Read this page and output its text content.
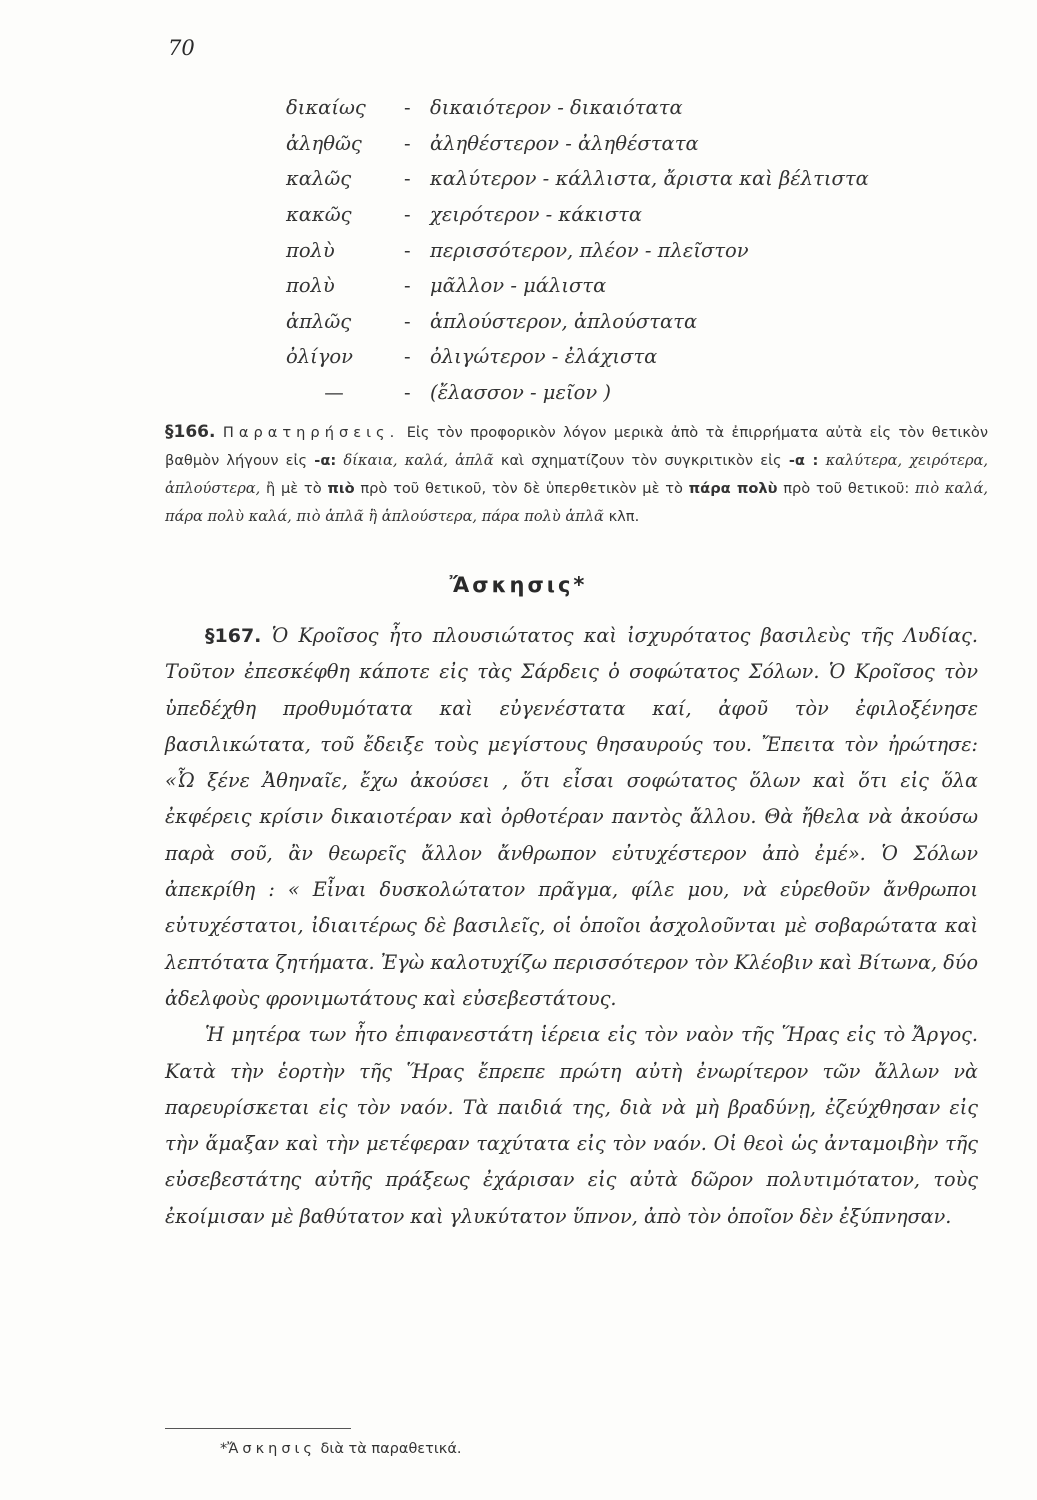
70
δικαίως	-	δικαιότερον - δικαιότατα
ἀληθῶς	-	ἀληθέστερον - ἀληθέστατα
καλῶς	-	καλύτερον - κάλλιστα, ἄριστα καὶ βέλτιστα
κακῶς	-	χειρότερον - κάκιστα
πολὺ	-	περισσότερον, πλέον - πλεῖστον
πολὺ	-	μᾶλλον - μάλιστα
ἁπλῶς	-	ἁπλούστερον, ἁπλούστατα
ὀλίγον	-	ὀλιγώτερον - ἐλάχιστα
—	-	(ἔλασσον - μεῖον )
§166. Παρατηρήσεις. Εἰς τὸν προφορικὸν λόγον μερικὰ ἀπὸ τὰ ἐπιρρήματα αὐτὰ εἰς τὸν θετικὸν βαθμὸν λήγουν εἰς -α: δίκαια, καλά, ἁπλᾶ καὶ σχηματίζουν τὸν συγκριτικὸν εἰς -α : καλύτερα, χειρότερα, ἁπλούστερα, ἢ μὲ τὸ πιὸ πρὸ τοῦ θετικοῦ, τὸν δὲ ὑπερθετικὸν μὲ τὸ πάρα πολὺ πρὸ τοῦ θετικοῦ: πιὸ καλά, πάρα πολὺ καλά, πιὸ ἁπλᾶ ἢ ἁπλούστερα, πάρα πολὺ ἁπλᾶ κλπ.
Ἄσκησις*

§167. Ὁ Κροῖσος ἦτο πλουσιώτατος καὶ ἰσχυρότατος βασιλεὺς τῆς Λυδίας. Τοῦτον ἐπεσκέφθη κάποτε εἰς τὰς Σάρδεις ὁ σοφώτατος Σόλων. Ὁ Κροῖσος τὸν ὑπεδέχθη προθυμότατα καὶ εὐγενέστατα καί, ἀφοῦ τὸν ἐφιλοξένησε βασιλικώτατα, τοῦ ἔδειξε τοὺς μεγίστους θησαυρούς του. Ἔπειτα τὸν ἠρώτησε: «Ὦ ξένε Ἀθηναῖε, ἔχω ἀκούσει , ὅτι εἶσαι σοφώτατος ὅλων καὶ ὅτι εἰς ὅλα ἐκφέρεις κρίσιν δικαιοτέραν καὶ ὀρθοτέραν παντὸς ἄλλου. Θὰ ἤθελα νὰ ἀκούσω παρὰ σοῦ, ἂν θεωρεῖς ἄλλον ἄνθρωπον εὐτυχέστερον ἀπὸ ἐμέ». Ὁ Σόλων ἀπεκρίθη : « Εἶναι δυσκολώτατον πρᾶγμα, φίλε μου, νὰ εὑρεθοῦν ἄνθρωποι εὐτυχέστατοι, ἰδιαιτέρως δὲ βασιλεῖς, οἱ ὁποῖοι ἀσχολοῦνται μὲ σοβαρώτατα καὶ λεπτότατα ζητήματα. Ἐγὼ καλοτυχίζω περισσότερον τὸν Κλέοβιν καὶ Βίτωνα, δύο ἀδελφοὺς φρονιμωτάτους καὶ εὐσεβεστάτους.

Ἡ μητέρα των ἦτο ἐπιφανεστάτη ἱέρεια εἰς τὸν ναὸν τῆς Ἥρας εἰς τὸ Ἄργος. Κατὰ τὴν ἑορτὴν τῆς Ἥρας ἔπρεπε πρώτη αὐτὴ ἐνωρίτερον τῶν ἄλλων νὰ παρευρίσκεται εἰς τὸν ναόν. Τὰ παιδιά της, διὰ νὰ μὴ βραδύνῃ, ἐζεύχθησαν εἰς τὴν ἅμαξαν καὶ τὴν μετέφεραν ταχύτατα εἰς τὸν ναόν. Οἱ θεοὶ ὡς ἀνταμοιβὴν τῆς εὐσεβεστάτης αὐτῆς πράξεως ἐχάρισαν εἰς αὐτὰ δῶρον πολυτιμότατον, τοὺς ἐκοίμισαν μὲ βαθύτατον καὶ γλυκύτατον ὕπνον, ἀπὸ τὸν ὁποῖον δὲν ἐξύπνησαν.

*Ἄσκησις διὰ τὰ παραθετικά.
